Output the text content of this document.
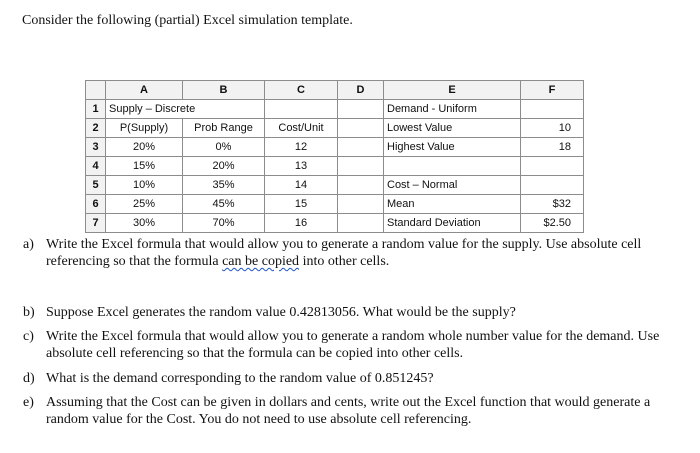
Consider the following (partial) Excel simulation template.
	A	B	C	D	E	F
1	Supply – Discrete				Demand - Uniform	
2	P(Supply)	Prob Range	Cost/Unit		Lowest Value	10
3	20%	0%	12		Highest Value	18
4	15%	20%	13			
5	10%	35%	14		Cost – Normal	
6	25%	45%	15		Mean	$32
7	30%	70%	16		Standard Deviation	$2.50
a) Write the Excel formula that would allow you to generate a random value for the supply. Use absolute cell referencing so that the formula can be copied into other cells.
b) Suppose Excel generates the random value 0.42813056. What would be the supply?
c) Write the Excel formula that would allow you to generate a random whole number value for the demand. Use absolute cell referencing so that the formula can be copied into other cells.
d) What is the demand corresponding to the random value of 0.851245?
e) Assuming that the Cost can be given in dollars and cents, write out the Excel function that would generate a random value for the Cost. You do not need to use absolute cell referencing.
